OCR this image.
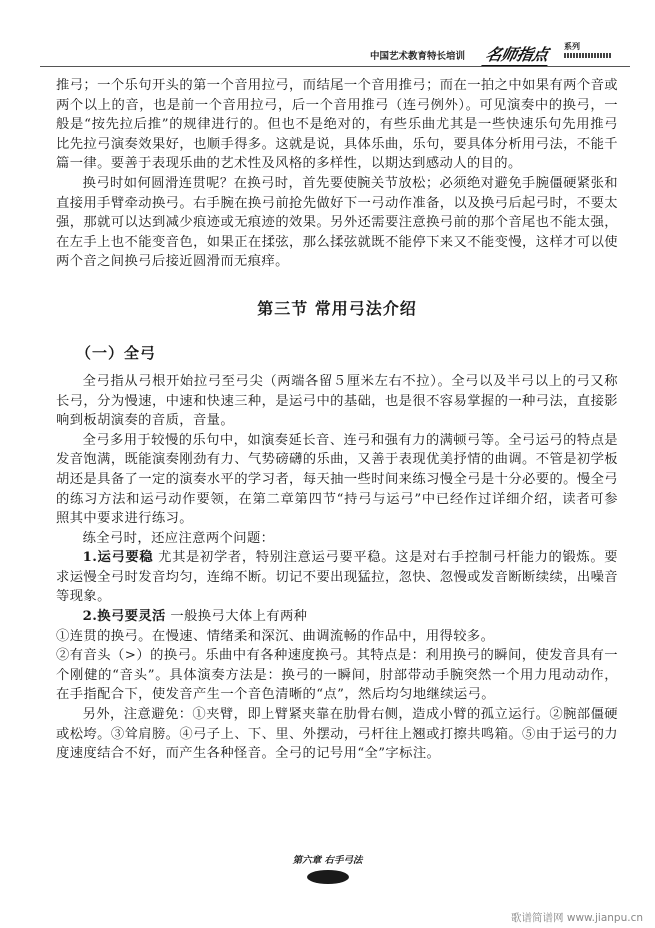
中国艺术教育特长培训 名师指点 系列

推弓；一个乐句开头的第一个音用拉弓，而结尾一个音用推弓；而在一拍之中如果有两个音或两个以上的音，也是前一个音用拉弓，后一个音用推弓（连弓例外）。可见演奏中的换弓，一般是“按先拉后推”的规律进行的。但也不是绝对的，有些乐曲尤其是一些快速乐句先用推弓比先拉弓演奏效果好，也顺手得多。这就是说，具体乐曲，乐句，要具体分析用弓法，不能千篇一律。要善于表现乐曲的艺术性及风格的多样性，以期达到感动人的目的。

换弓时如何圆滑连贯呢？在换弓时，首先要使腕关节放松；必须绝对避免手腕僵硬紧张和直接用手臂牵动换弓。右手腕在换弓前抢先做好下一弓动作准备，以及换弓后起弓时，不要太强，那就可以达到减少痕迹或无痕迹的效果。另外还需要注意换弓前的那个音尾也不能太强，在左手上也不能变音色，如果正在揉弦，那么揉弦就既不能停下来又不能变慢，这样才可以使两个音之间换弓后接近圆滑而无痕痒。

第三节 常用弓法介绍
（一）全弓

全弓指从弓根开始拉弓至弓尖（两端各留５厘米左右不拉）。全弓以及半弓以上的弓又称长弓，分为慢速，中速和快速三种，是运弓中的基础，也是很不容易掌握的一种弓法，直接影响到板胡演奏的音质，音量。

全弓多用于较慢的乐句中，如演奏延长音、连弓和强有力的满顿弓等。全弓运弓的特点是发音饱满，既能演奏刚劲有力、气势磅礴的乐曲，又善于表现优美抒情的曲调。不管是初学板胡还是具备了一定的演奏水平的学习者，每天抽一些时间来练习慢全弓是十分必要的。慢全弓的练习方法和运弓动作要领，在第二章第四节“持弓与运弓”中已经作过详细介绍，读者可参照其中要求进行练习。

练全弓时，还应注意两个问题：

1.运弓要稳 尤其是初学者，特别注意运弓要平稳。这是对右手控制弓杆能力的锻炼。要求运慢全弓时发音均匀，连绵不断。切记不要出现猛拉，忽快、忽慢或发音断断续续，出噪音等现象。

2.换弓要灵活 一般换弓大体上有两种

①连贯的换弓。在慢速、情绪柔和深沉、曲调流畅的作品中，用得较多。

②有音头（>）的换弓。乐曲中有各种速度换弓。其特点是：利用换弓的瞬间，使发音具有一个刚健的“音头”。具体演奏方法是：换弓的一瞬间，肘部带动手腕突然一个用力甩动动作，在手指配合下，使发音产生一个音色清晰的“点”，然后均匀地继续运弓。

另外，注意避免：①夹臂，即上臂紧夹靠在肋骨右侧，造成小臂的孤立运行。②腕部僵硬或松垮。③耸肩膀。④弓子上、下、里、外摆动，弓杆往上翘或打擦共鸣箱。⑤由于运弓的力度速度结合不好，而产生各种怪音。全弓的记号用“全”字标注。

第六章 右手弓法
歌谱简谱网 www.jianpu.cn
